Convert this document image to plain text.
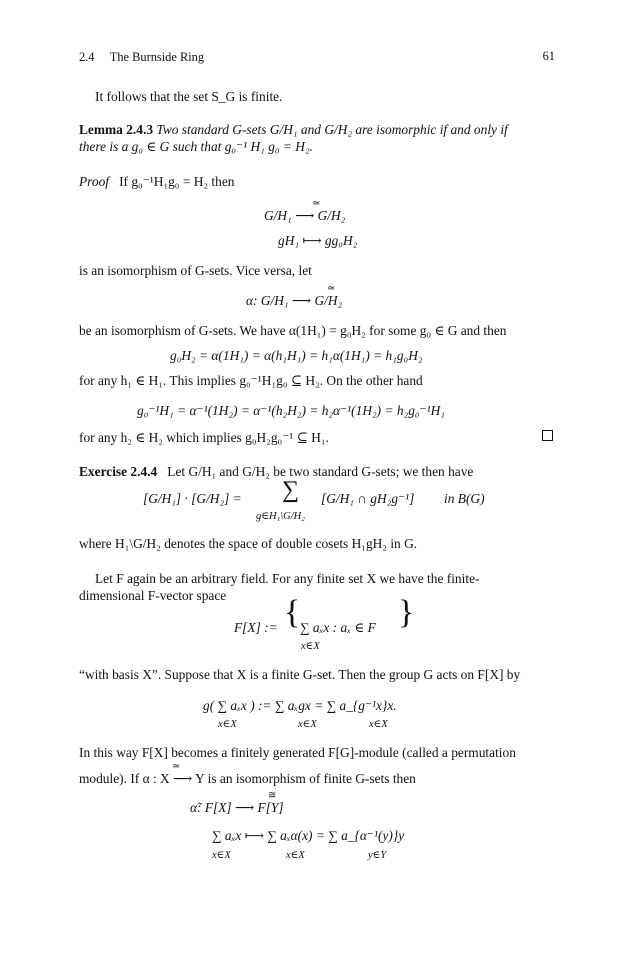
2.4 The Burnside Ring	61
It follows that the set S_G is finite.
Lemma 2.4.3 Two standard G-sets G/H₁ and G/H₂ are isomorphic if and only if
there is a g₀ ∈ G such that g₀⁻¹ H₁ g₀ = H₂.
Proof If g₀⁻¹H₁g₀ = H₂ then
G/H₁ ⟶ G/H₂
≃
gH₁ ⟼ gg₀H₂
is an isomorphism of G-sets. Vice versa, let
α: G/H₁ ⟶ G/H₂
≃
be an isomorphism of G-sets. We have α(1H₁) = g₀H₂ for some g₀ ∈ G and then
g₀H₂ = α(1H₁) = α(h₁H₁) = h₁α(1H₁) = h₁g₀H₂
for any h₁ ∈ H₁. This implies g₀⁻¹H₁g₀ ⊆ H₂. On the other hand
g₀⁻¹H₁ = α⁻¹(1H₂) = α⁻¹(h₂H₂) = h₂α⁻¹(1H₂) = h₂g₀⁻¹H₁
for any h₂ ∈ H₂ which implies g₀H₂g₀⁻¹ ⊆ H₁.
Exercise 2.4.4 Let G/H₁ and G/H₂ be two standard G-sets; we then have
[G/H₁] · [G/H₂] = ∑ [G/H₁ ∩ gH₂g⁻¹] in B(G)
g∈H₁\G/H₂
where H₁\G/H₂ denotes the space of double cosets H₁gH₂ in G.
Let F again be an arbitrary field. For any finite set X we have the finite-
dimensional F-vector space
F[X] := { ∑ aₓx : aₓ ∈ F }
x∈X
“with basis X”. Suppose that X is a finite G-set. Then the group G acts on F[X] by
g( ∑ aₓx ) := ∑ aₓgx = ∑ a_{g⁻¹x}x.
x∈X	x∈X	x∈X
In this way F[X] becomes a finitely generated F[G]-module (called a permutation
module). If α : X ⟶ Y is an isomorphism of finite G-sets then
≃
α̃: F[X] ⟶ F[Y]
≅
∑ aₓx ⟼ ∑ aₓα(x) = ∑ a_{α⁻¹(y)}y
x∈X	x∈X	y∈Y
